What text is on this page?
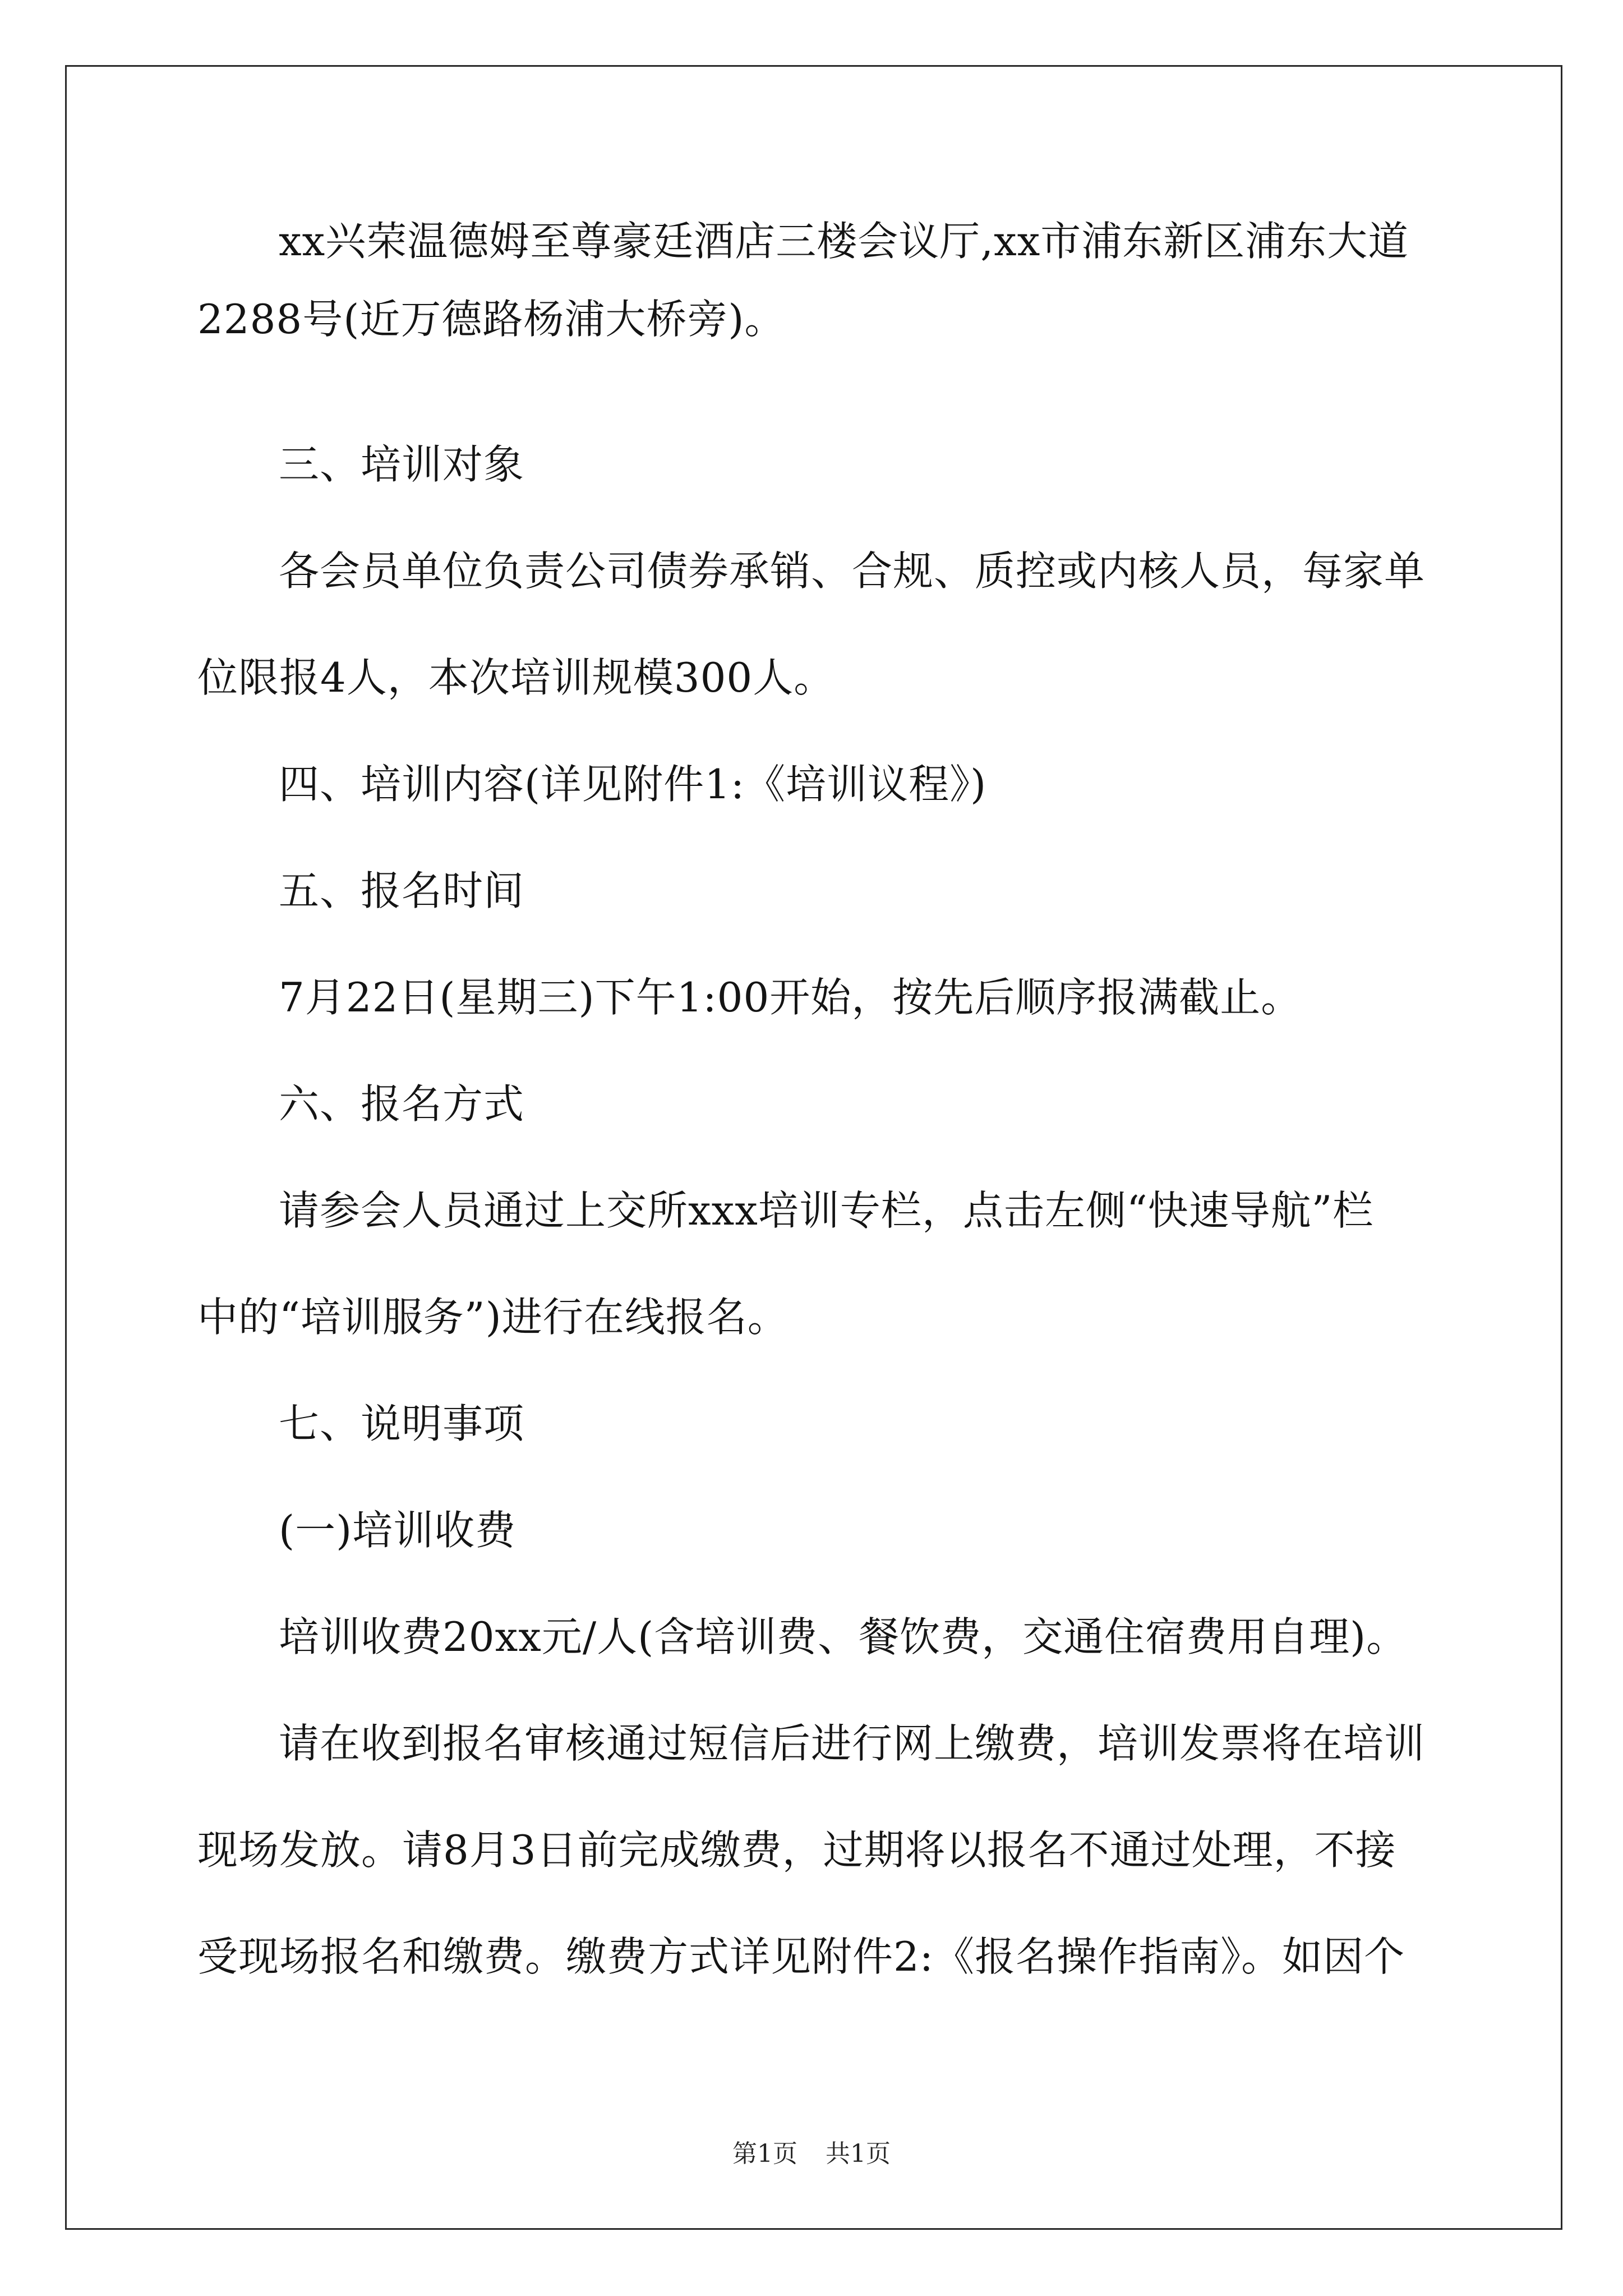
xx兴荣温德姆至尊豪廷酒店三楼会议厅,xx市浦东新区浦东大道
2288号(近万德路杨浦大桥旁)。
三、培训对象
各会员单位负责公司债券承销、合规、质控或内核人员，每家单
位限报4人，本次培训规模300人。
四、培训内容(详见附件1:《培训议程》)
五、报名时间
7月22日(星期三)下午1:00开始，按先后顺序报满截止。
六、报名方式
请参会人员通过上交所xxx培训专栏，点击左侧“快速导航”栏
中的“培训服务”)进行在线报名。
七、说明事项
(一)培训收费
培训收费20xx元/人(含培训费、餐饮费，交通住宿费用自理)。
请在收到报名审核通过短信后进行网上缴费，培训发票将在培训
现场发放。请8月3日前完成缴费，过期将以报名不通过处理，不接
受现场报名和缴费。缴费方式详见附件2:《报名操作指南》。如因个
第1页 共1页
